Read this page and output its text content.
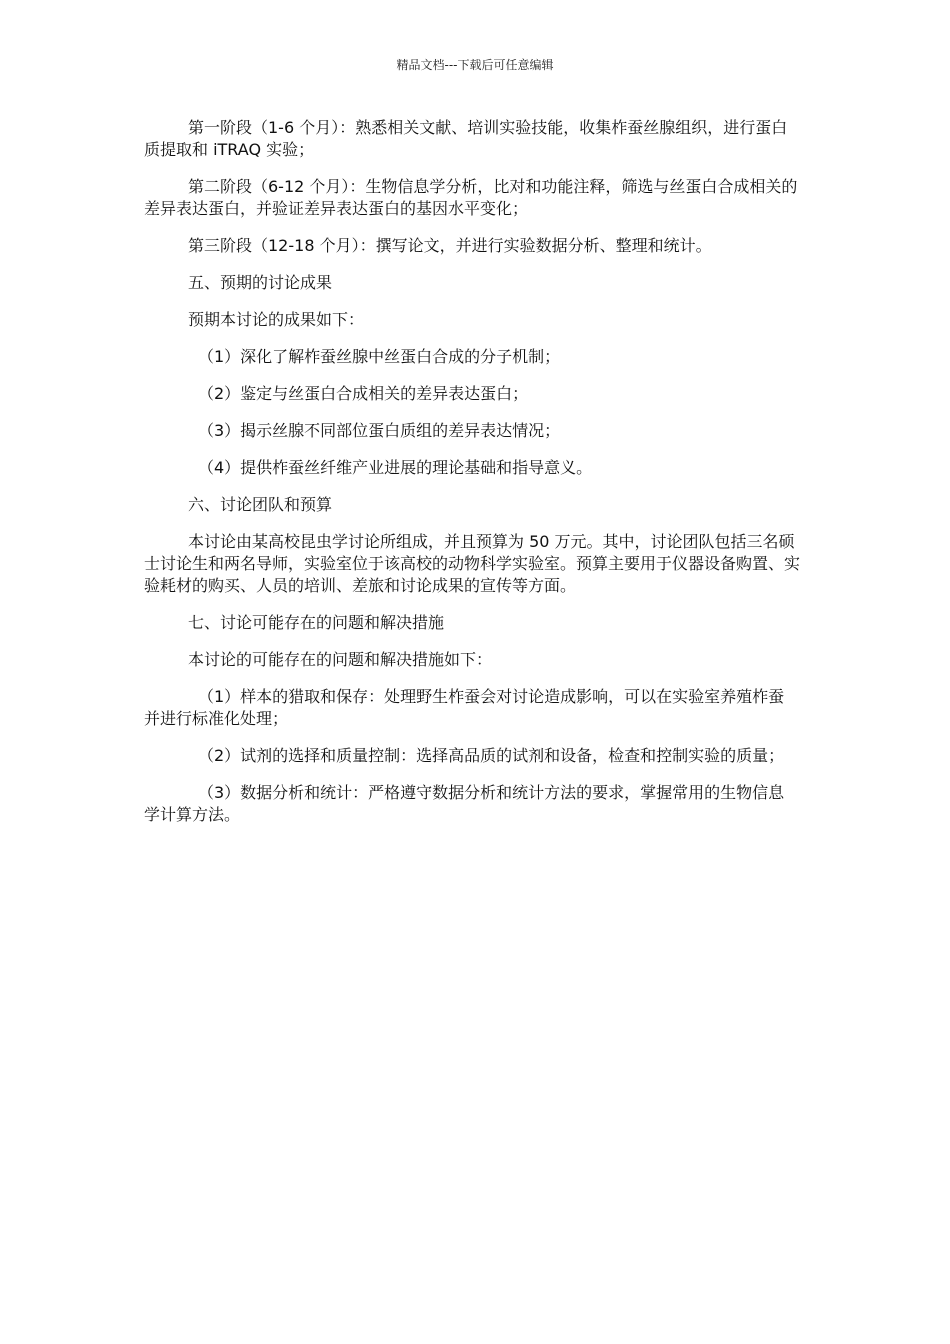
精品文档---下载后可任意编辑

第一阶段（1-6 个月）：熟悉相关文献、培训实验技能，收集柞蚕丝腺组织，进行蛋白质提取和 iTRAQ 实验；

第二阶段（6-12 个月）：生物信息学分析，比对和功能注释，筛选与丝蛋白合成相关的差异表达蛋白，并验证差异表达蛋白的基因水平变化；

第三阶段（12-18 个月）：撰写论文，并进行实验数据分析、整理和统计。

五、预期的讨论成果

预期本讨论的成果如下：

（1）深化了解柞蚕丝腺中丝蛋白合成的分子机制；

（2）鉴定与丝蛋白合成相关的差异表达蛋白；

（3）揭示丝腺不同部位蛋白质组的差异表达情况；

（4）提供柞蚕丝纤维产业进展的理论基础和指导意义。

六、讨论团队和预算

本讨论由某高校昆虫学讨论所组成，并且预算为 50 万元。其中，讨论团队包括三名硕士讨论生和两名导师，实验室位于该高校的动物科学实验室。预算主要用于仪器设备购置、实验耗材的购买、人员的培训、差旅和讨论成果的宣传等方面。

七、讨论可能存在的问题和解决措施

本讨论的可能存在的问题和解决措施如下：

（1）样本的猎取和保存：处理野生柞蚕会对讨论造成影响，可以在实验室养殖柞蚕并进行标准化处理；

（2）试剂的选择和质量控制：选择高品质的试剂和设备，检查和控制实验的质量；

（3）数据分析和统计：严格遵守数据分析和统计方法的要求，掌握常用的生物信息学计算方法。
